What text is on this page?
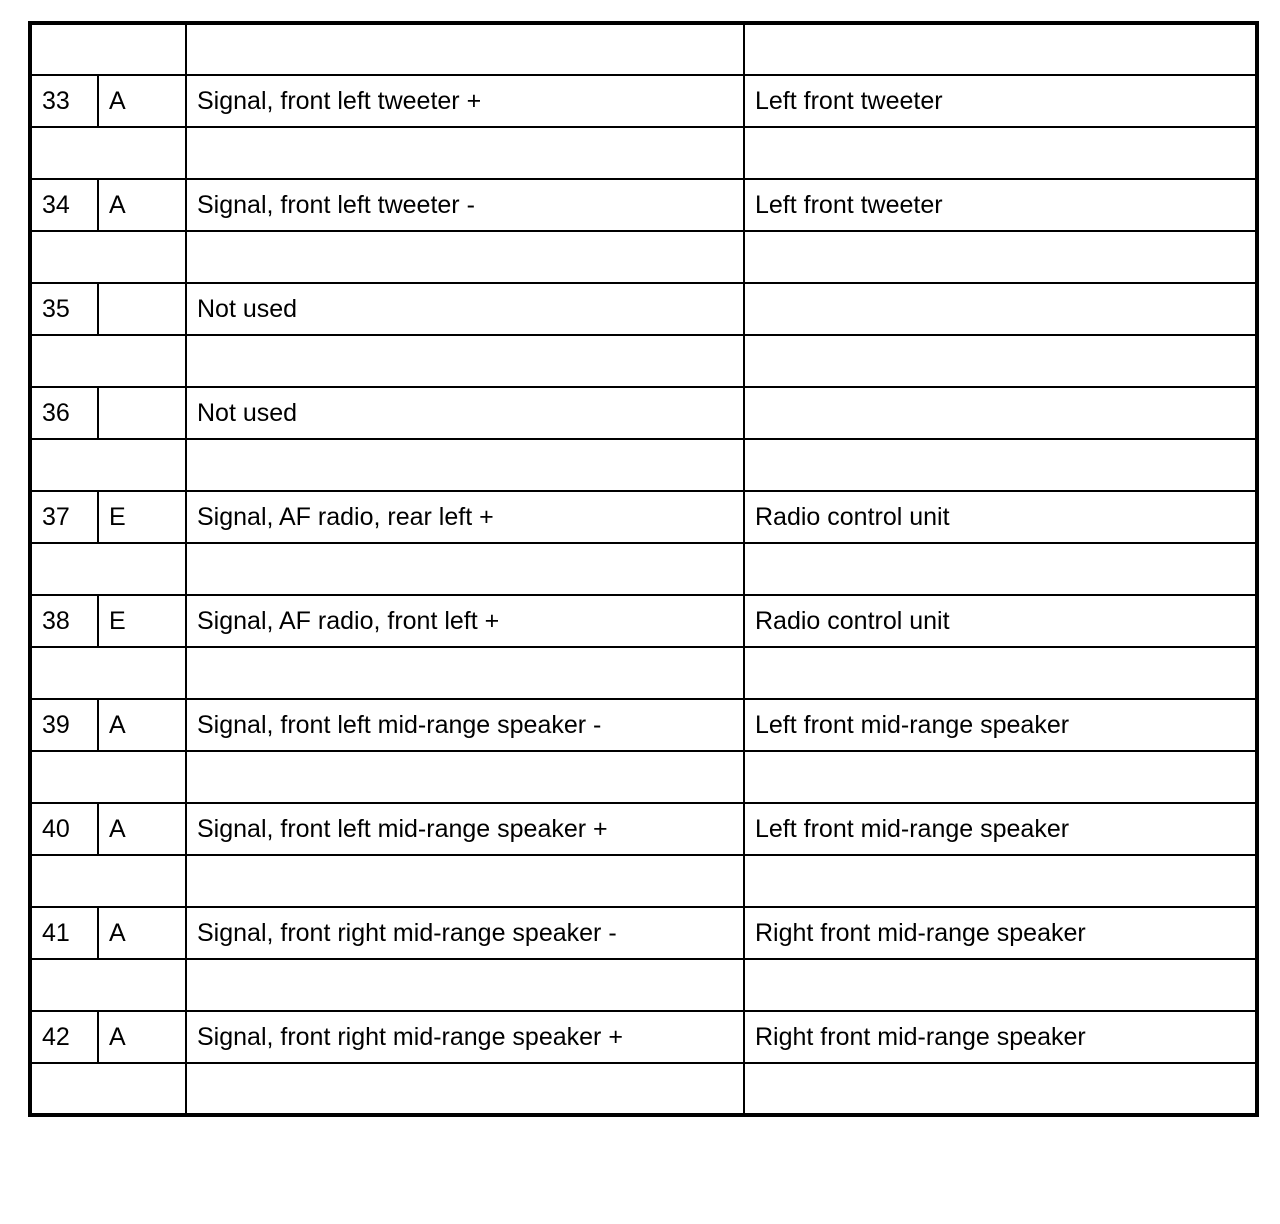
33	A	Signal, front left tweeter +	Left front tweeter

34	A	Signal, front left tweeter -	Left front tweeter

35		Not used	

36		Not used	

37	E	Signal, AF radio, rear left +	Radio control unit

38	E	Signal, AF radio, front left +	Radio control unit

39	A	Signal, front left mid-range speaker -	Left front mid-range speaker

40	A	Signal, front left mid-range speaker +	Left front mid-range speaker

41	A	Signal, front right mid-range speaker -	Right front mid-range speaker

42	A	Signal, front right mid-range speaker +	Right front mid-range speaker
